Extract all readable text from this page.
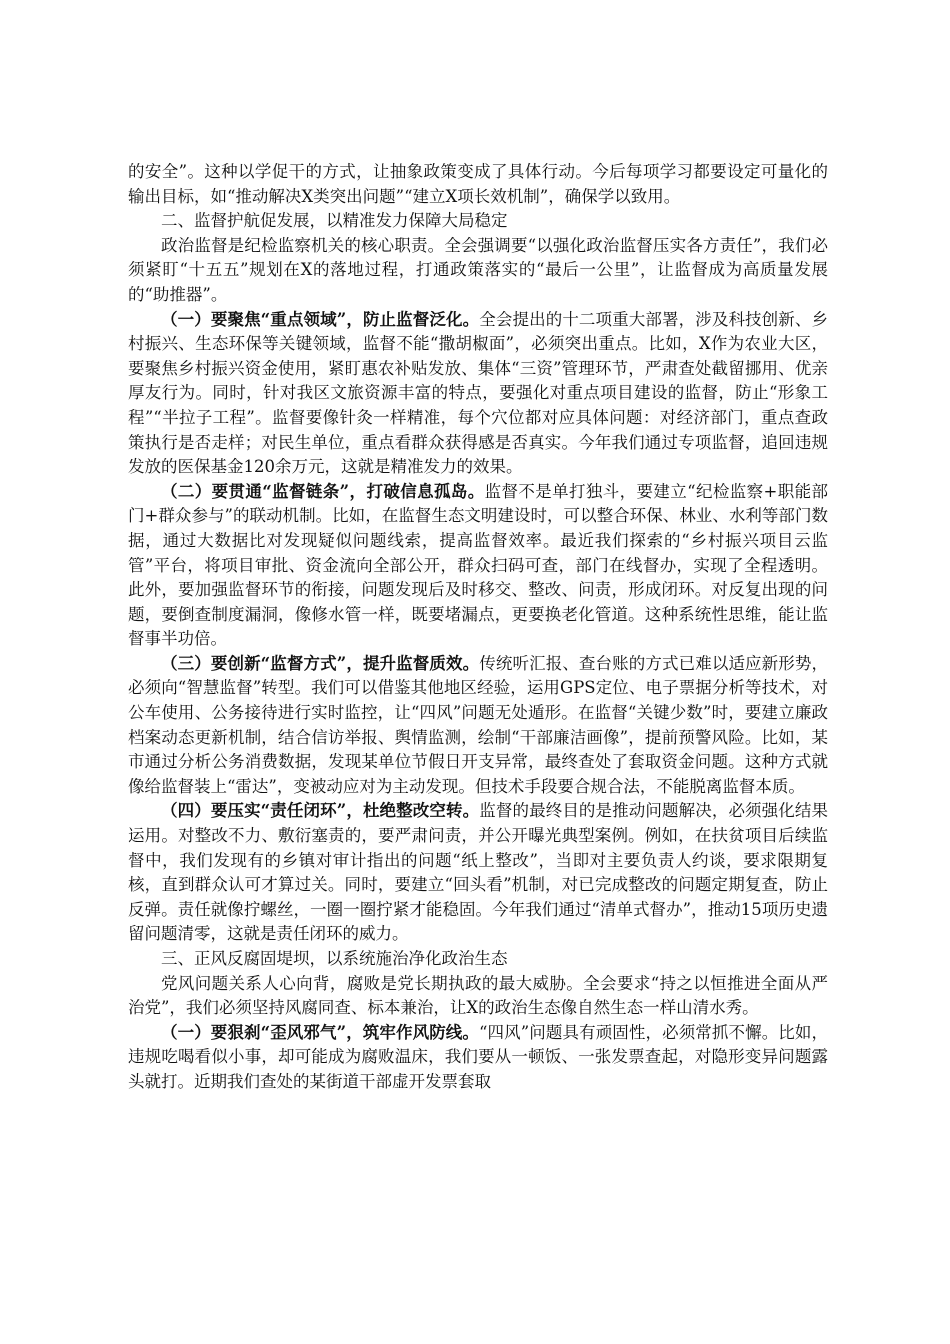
的安全”。这种以学促干的方式，让抽象政策变成了具体行动。今后每项学习都要设定可量化的输出目标，如“推动解决X类突出问题”“建立X项长效机制”，确保学以致用。

二、监督护航促发展，以精准发力保障大局稳定

政治监督是纪检监察机关的核心职责。全会强调要“以强化政治监督压实各方责任”，我们必须紧盯“十五五”规划在X的落地过程，打通政策落实的“最后一公里”，让监督成为高质量发展的“助推器”。

（一）要聚焦“重点领域”，防止监督泛化。全会提出的十二项重大部署，涉及科技创新、乡村振兴、生态环保等关键领域，监督不能“撒胡椒面”，必须突出重点。比如，X作为农业大区，要聚焦乡村振兴资金使用，紧盯惠农补贴发放、集体“三资”管理环节，严肃查处截留挪用、优亲厚友行为。同时，针对我区文旅资源丰富的特点，要强化对重点项目建设的监督，防止“形象工程”“半拉子工程”。监督要像针灸一样精准，每个穴位都对应具体问题：对经济部门，重点查政策执行是否走样；对民生单位，重点看群众获得感是否真实。今年我们通过专项监督，追回违规发放的医保基金120余万元，这就是精准发力的效果。

（二）要贯通“监督链条”，打破信息孤岛。监督不是单打独斗，要建立“纪检监察+职能部门+群众参与”的联动机制。比如，在监督生态文明建设时，可以整合环保、林业、水利等部门数据，通过大数据比对发现疑似问题线索，提高监督效率。最近我们探索的“乡村振兴项目云监管”平台，将项目审批、资金流向全部公开，群众扫码可查，部门在线督办，实现了全程透明。此外，要加强监督环节的衔接，问题发现后及时移交、整改、问责，形成闭环。对反复出现的问题，要倒查制度漏洞，像修水管一样，既要堵漏点，更要换老化管道。这种系统性思维，能让监督事半功倍。

（三）要创新“监督方式”，提升监督质效。传统听汇报、查台账的方式已难以适应新形势，必须向“智慧监督”转型。我们可以借鉴其他地区经验，运用GPS定位、电子票据分析等技术，对公车使用、公务接待进行实时监控，让“四风”问题无处遁形。在监督“关键少数”时，要建立廉政档案动态更新机制，结合信访举报、舆情监测，绘制“干部廉洁画像”，提前预警风险。比如，某市通过分析公务消费数据，发现某单位节假日开支异常，最终查处了套取资金问题。这种方式就像给监督装上“雷达”，变被动应对为主动发现。但技术手段要合规合法，不能脱离监督本质。

（四）要压实“责任闭环”，杜绝整改空转。监督的最终目的是推动问题解决，必须强化结果运用。对整改不力、敷衍塞责的，要严肃问责，并公开曝光典型案例。例如，在扶贫项目后续监督中，我们发现有的乡镇对审计指出的问题“纸上整改”，当即对主要负责人约谈，要求限期复核，直到群众认可才算过关。同时，要建立“回头看”机制，对已完成整改的问题定期复查，防止反弹。责任就像拧螺丝，一圈一圈拧紧才能稳固。今年我们通过“清单式督办”，推动15项历史遗留问题清零，这就是责任闭环的威力。

三、正风反腐固堤坝，以系统施治净化政治生态

党风问题关系人心向背，腐败是党长期执政的最大威胁。全会要求“持之以恒推进全面从严治党”，我们必须坚持风腐同查、标本兼治，让X的政治生态像自然生态一样山清水秀。

（一）要狠刹“歪风邪气”，筑牢作风防线。“四风”问题具有顽固性，必须常抓不懈。比如，违规吃喝看似小事，却可能成为腐败温床，我们要从一顿饭、一张发票查起，对隐形变异问题露头就打。近期我们查处的某街道干部虚开发票套取
